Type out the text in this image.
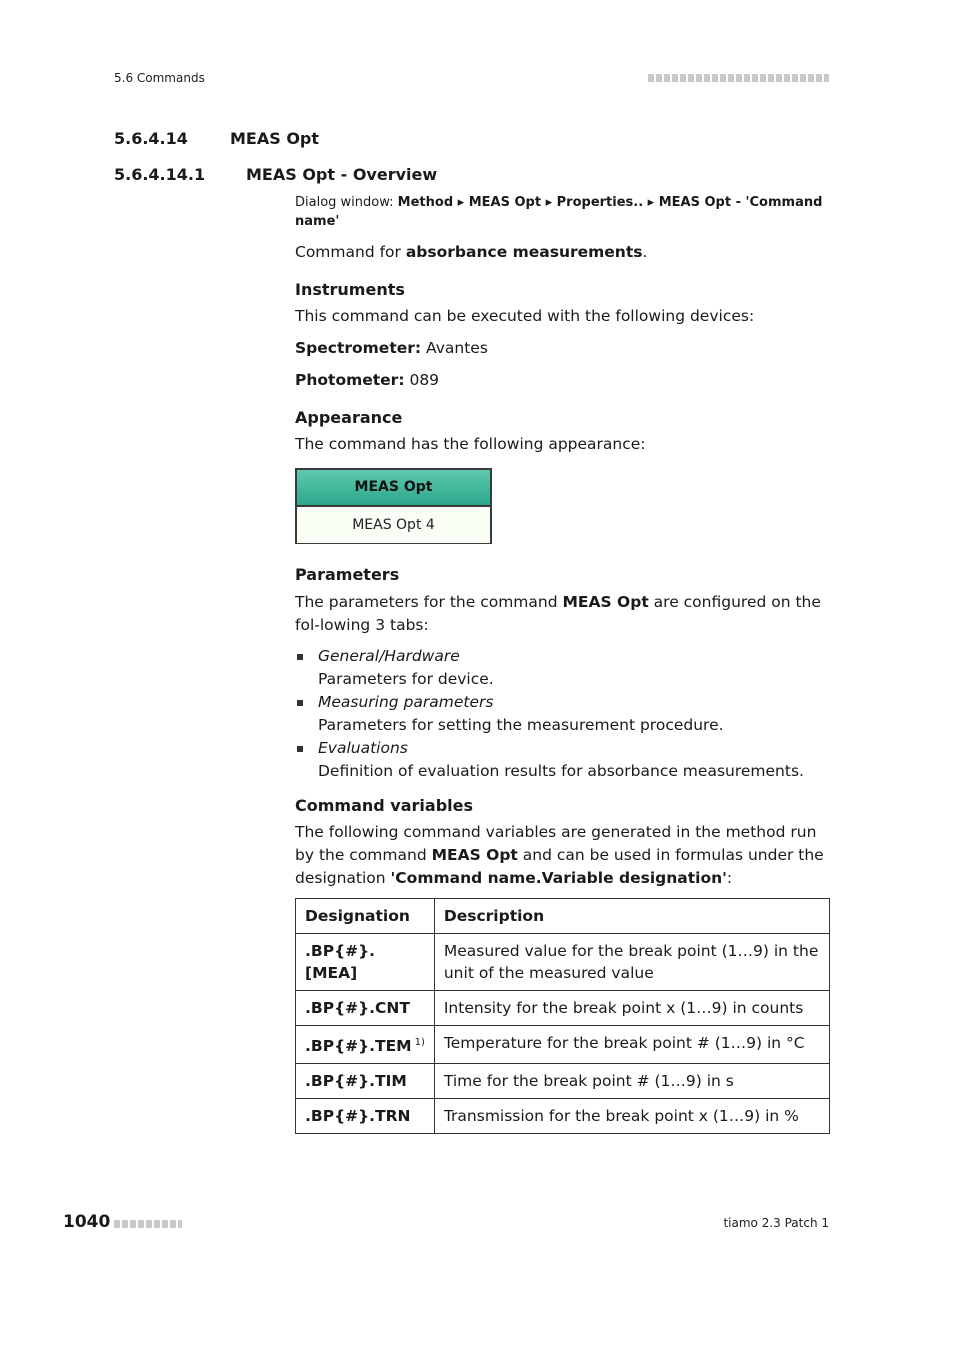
5.6 Commands
5.6.4.14	MEAS Opt
5.6.4.14.1	MEAS Opt - Overview
Dialog window: Method ▸ MEAS Opt ▸ Properties.. ▸ MEAS Opt - 'Command name'

Command for absorbance measurements.

Instruments

This command can be executed with the following devices:

Spectrometer: Avantes

Photometer: 089

Appearance

The command has the following appearance:

MEAS Opt
MEAS Opt 4

Parameters

The parameters for the command MEAS Opt are configured on the fol-lowing 3 tabs:

General/Hardware
Parameters for device.
Measuring parameters
Parameters for setting the measurement procedure.
Evaluations
Definition of evaluation results for absorbance measurements.

Command variables

The following command variables are generated in the method run by the command MEAS Opt and can be used in formulas under the designation 'Command name.Variable designation':

Designation	Description
.BP{#}.[MEA]	Measured value for the break point (1…9) in the unit of the measured value
.BP{#}.CNT	Intensity for the break point x (1…9) in counts
.BP{#}.TEM $^{1)}$	Temperature for the break point # (1…9) in °C
.BP{#}.TIM	Time for the break point # (1…9) in s
.BP{#}.TRN	Transmission for the break point x (1…9) in %
1040	tiamo 2.3 Patch 1
